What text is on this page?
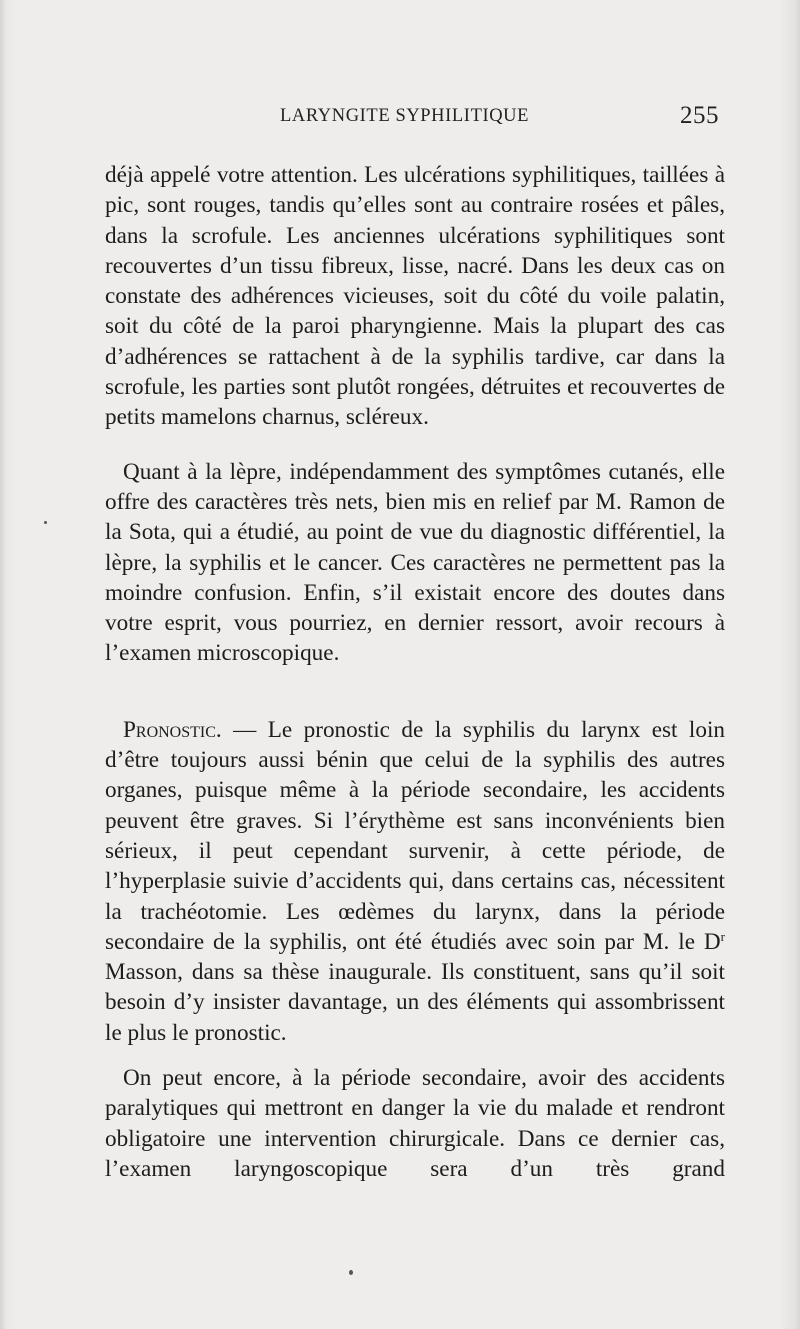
LARYNGITE SYPHILITIQUE	255

déjà appelé votre attention. Les ulcérations syphilitiques, taillées à pic, sont rouges, tandis qu’elles sont au contraire rosées et pâles, dans la scrofule. Les anciennes ulcérations syphilitiques sont recouvertes d’un tissu fibreux, lisse, nacré. Dans les deux cas on constate des adhérences vicieuses, soit du côté du voile palatin, soit du côté de la paroi pharyngienne. Mais la plupart des cas d’adhérences se rattachent à de la syphilis tardive, car dans la scrofule, les parties sont plutôt rongées, détruites et recouvertes de petits mamelons charnus, scléreux.

Quant à la lèpre, indépendamment des symptômes cutanés, elle offre des caractères très nets, bien mis en relief par M. Ramon de la Sota, qui a étudié, au point de vue du diagnostic différentiel, la lèpre, la syphilis et le cancer. Ces caractères ne permettent pas la moindre confusion. Enfin, s’il existait encore des doutes dans votre esprit, vous pourriez, en dernier ressort, avoir recours à l’examen microscopique.

Pronostic. — Le pronostic de la syphilis du larynx est loin d’être toujours aussi bénin que celui de la syphilis des autres organes, puisque même à la période secondaire, les accidents peuvent être graves. Si l’érythème est sans inconvénients bien sérieux, il peut cependant survenir, à cette période, de l’hyperplasie suivie d’accidents qui, dans certains cas, nécessitent la trachéotomie. Les œdèmes du larynx, dans la période secondaire de la syphilis, ont été étudiés avec soin par M. le $D^r$ Masson, dans sa thèse inaugurale. Ils constituent, sans qu’il soit besoin d’y insister davantage, un des éléments qui assombrissent le plus le pronostic.

On peut encore, à la période secondaire, avoir des accidents paralytiques qui mettront en danger la vie du malade et rendront obligatoire une intervention chirurgicale. Dans ce dernier cas, l’examen laryngoscopique sera d’un très grand
